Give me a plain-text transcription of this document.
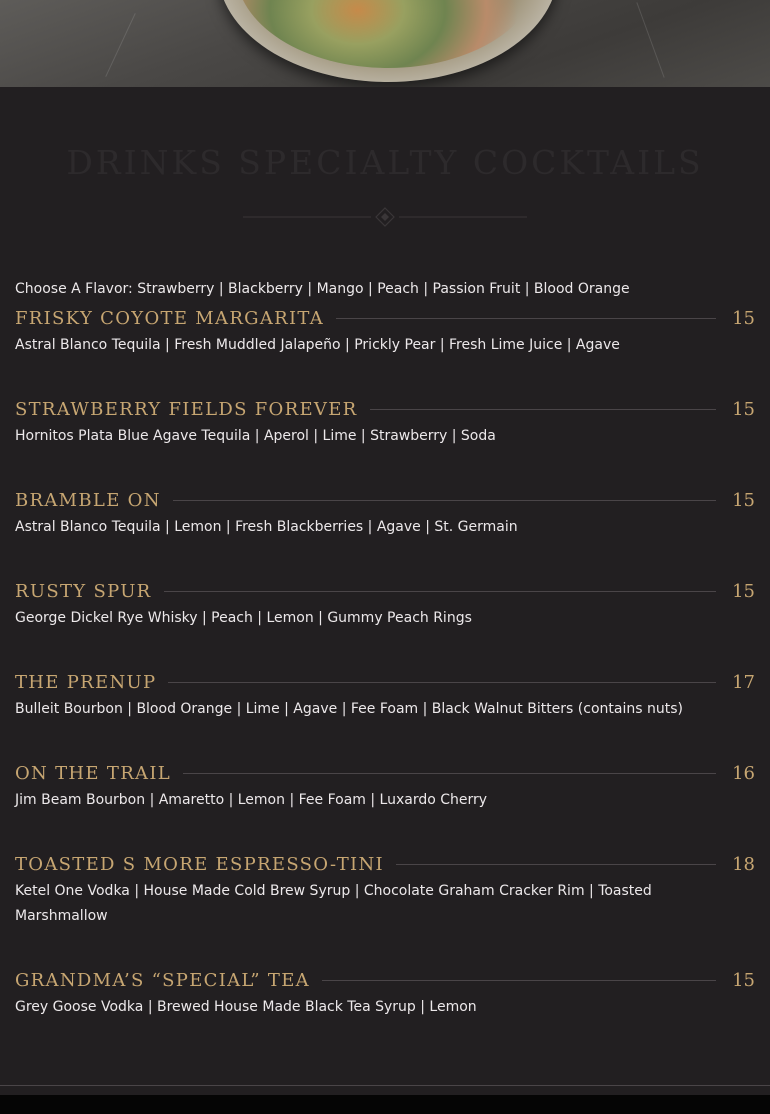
DRINKS SPECIALTY COCKTAILS
Choose A Flavor: Strawberry | Blackberry | Mango | Peach | Passion Fruit | Blood Orange
FRISKY COYOTE MARGARITA	15
Astral Blanco Tequila | Fresh Muddled Jalapeño | Prickly Pear | Fresh Lime Juice | Agave
STRAWBERRY FIELDS FOREVER	15
Hornitos Plata Blue Agave Tequila | Aperol | Lime | Strawberry | Soda
BRAMBLE ON	15
Astral Blanco Tequila | Lemon | Fresh Blackberries | Agave | St. Germain
RUSTY SPUR	15
George Dickel Rye Whisky | Peach | Lemon | Gummy Peach Rings
THE PRENUP	17
Bulleit Bourbon | Blood Orange | Lime | Agave | Fee Foam | Black Walnut Bitters (contains nuts)
ON THE TRAIL	16
Jim Beam Bourbon | Amaretto | Lemon | Fee Foam | Luxardo Cherry
TOASTED S MORE ESPRESSO-TINI	18
Ketel One Vodka | House Made Cold Brew Syrup | Chocolate Graham Cracker Rim | Toasted Marshmallow
GRANDMA’S “SPECIAL” TEA	15
Grey Goose Vodka | Brewed House Made Black Tea Syrup | Lemon
